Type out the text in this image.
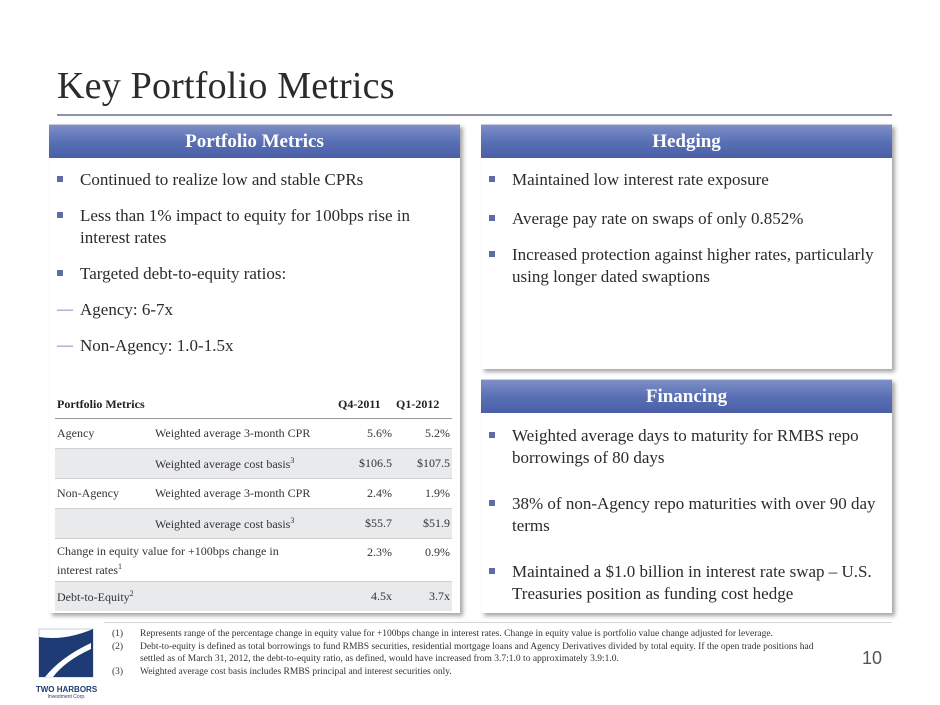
Key Portfolio Metrics
Portfolio Metrics
Continued to realize low and stable CPRs
Less than 1% impact to equity for 100bps rise in interest rates
Targeted debt-to-equity ratios:
— Agency: 6-7x
— Non-Agency: 1.0-1.5x
Portfolio Metrics		Q4-2011	Q1-2012
Agency	Weighted average 3-month CPR	5.6%	5.2%
	Weighted average cost basis$^3$	$106.5	$107.5
Non-Agency	Weighted average 3-month CPR	2.4%	1.9%
	Weighted average cost basis$^3$	$55.7	$51.9
Change in equity value for +100bps change in interest rates$^1$		2.3%	0.9%
Debt-to-Equity$^2$		4.5x	3.7x
Hedging
Maintained low interest rate exposure
Average pay rate on swaps of only 0.852%
Increased protection against higher rates, particularly using longer dated swaptions
Financing
Weighted average days to maturity for RMBS repo borrowings of 80 days
38% of non-Agency repo maturities with over 90 day terms
Maintained a $1.0 billion in interest rate swap – U.S. Treasuries position as funding cost hedge
TWO HARBORS
Investment Corp.
(1) Represents range of the percentage change in equity value for +100bps change in interest rates. Change in equity value is portfolio value change adjusted for leverage.
(2) Debt-to-equity is defined as total borrowings to fund RMBS securities, residential mortgage loans and Agency Derivatives divided by total equity. If the open trade positions had settled as of March 31, 2012, the debt-to-equity ratio, as defined, would have increased from 3.7:1.0 to approximately 3.9:1.0.
(3) Weighted average cost basis includes RMBS principal and interest securities only.
10
